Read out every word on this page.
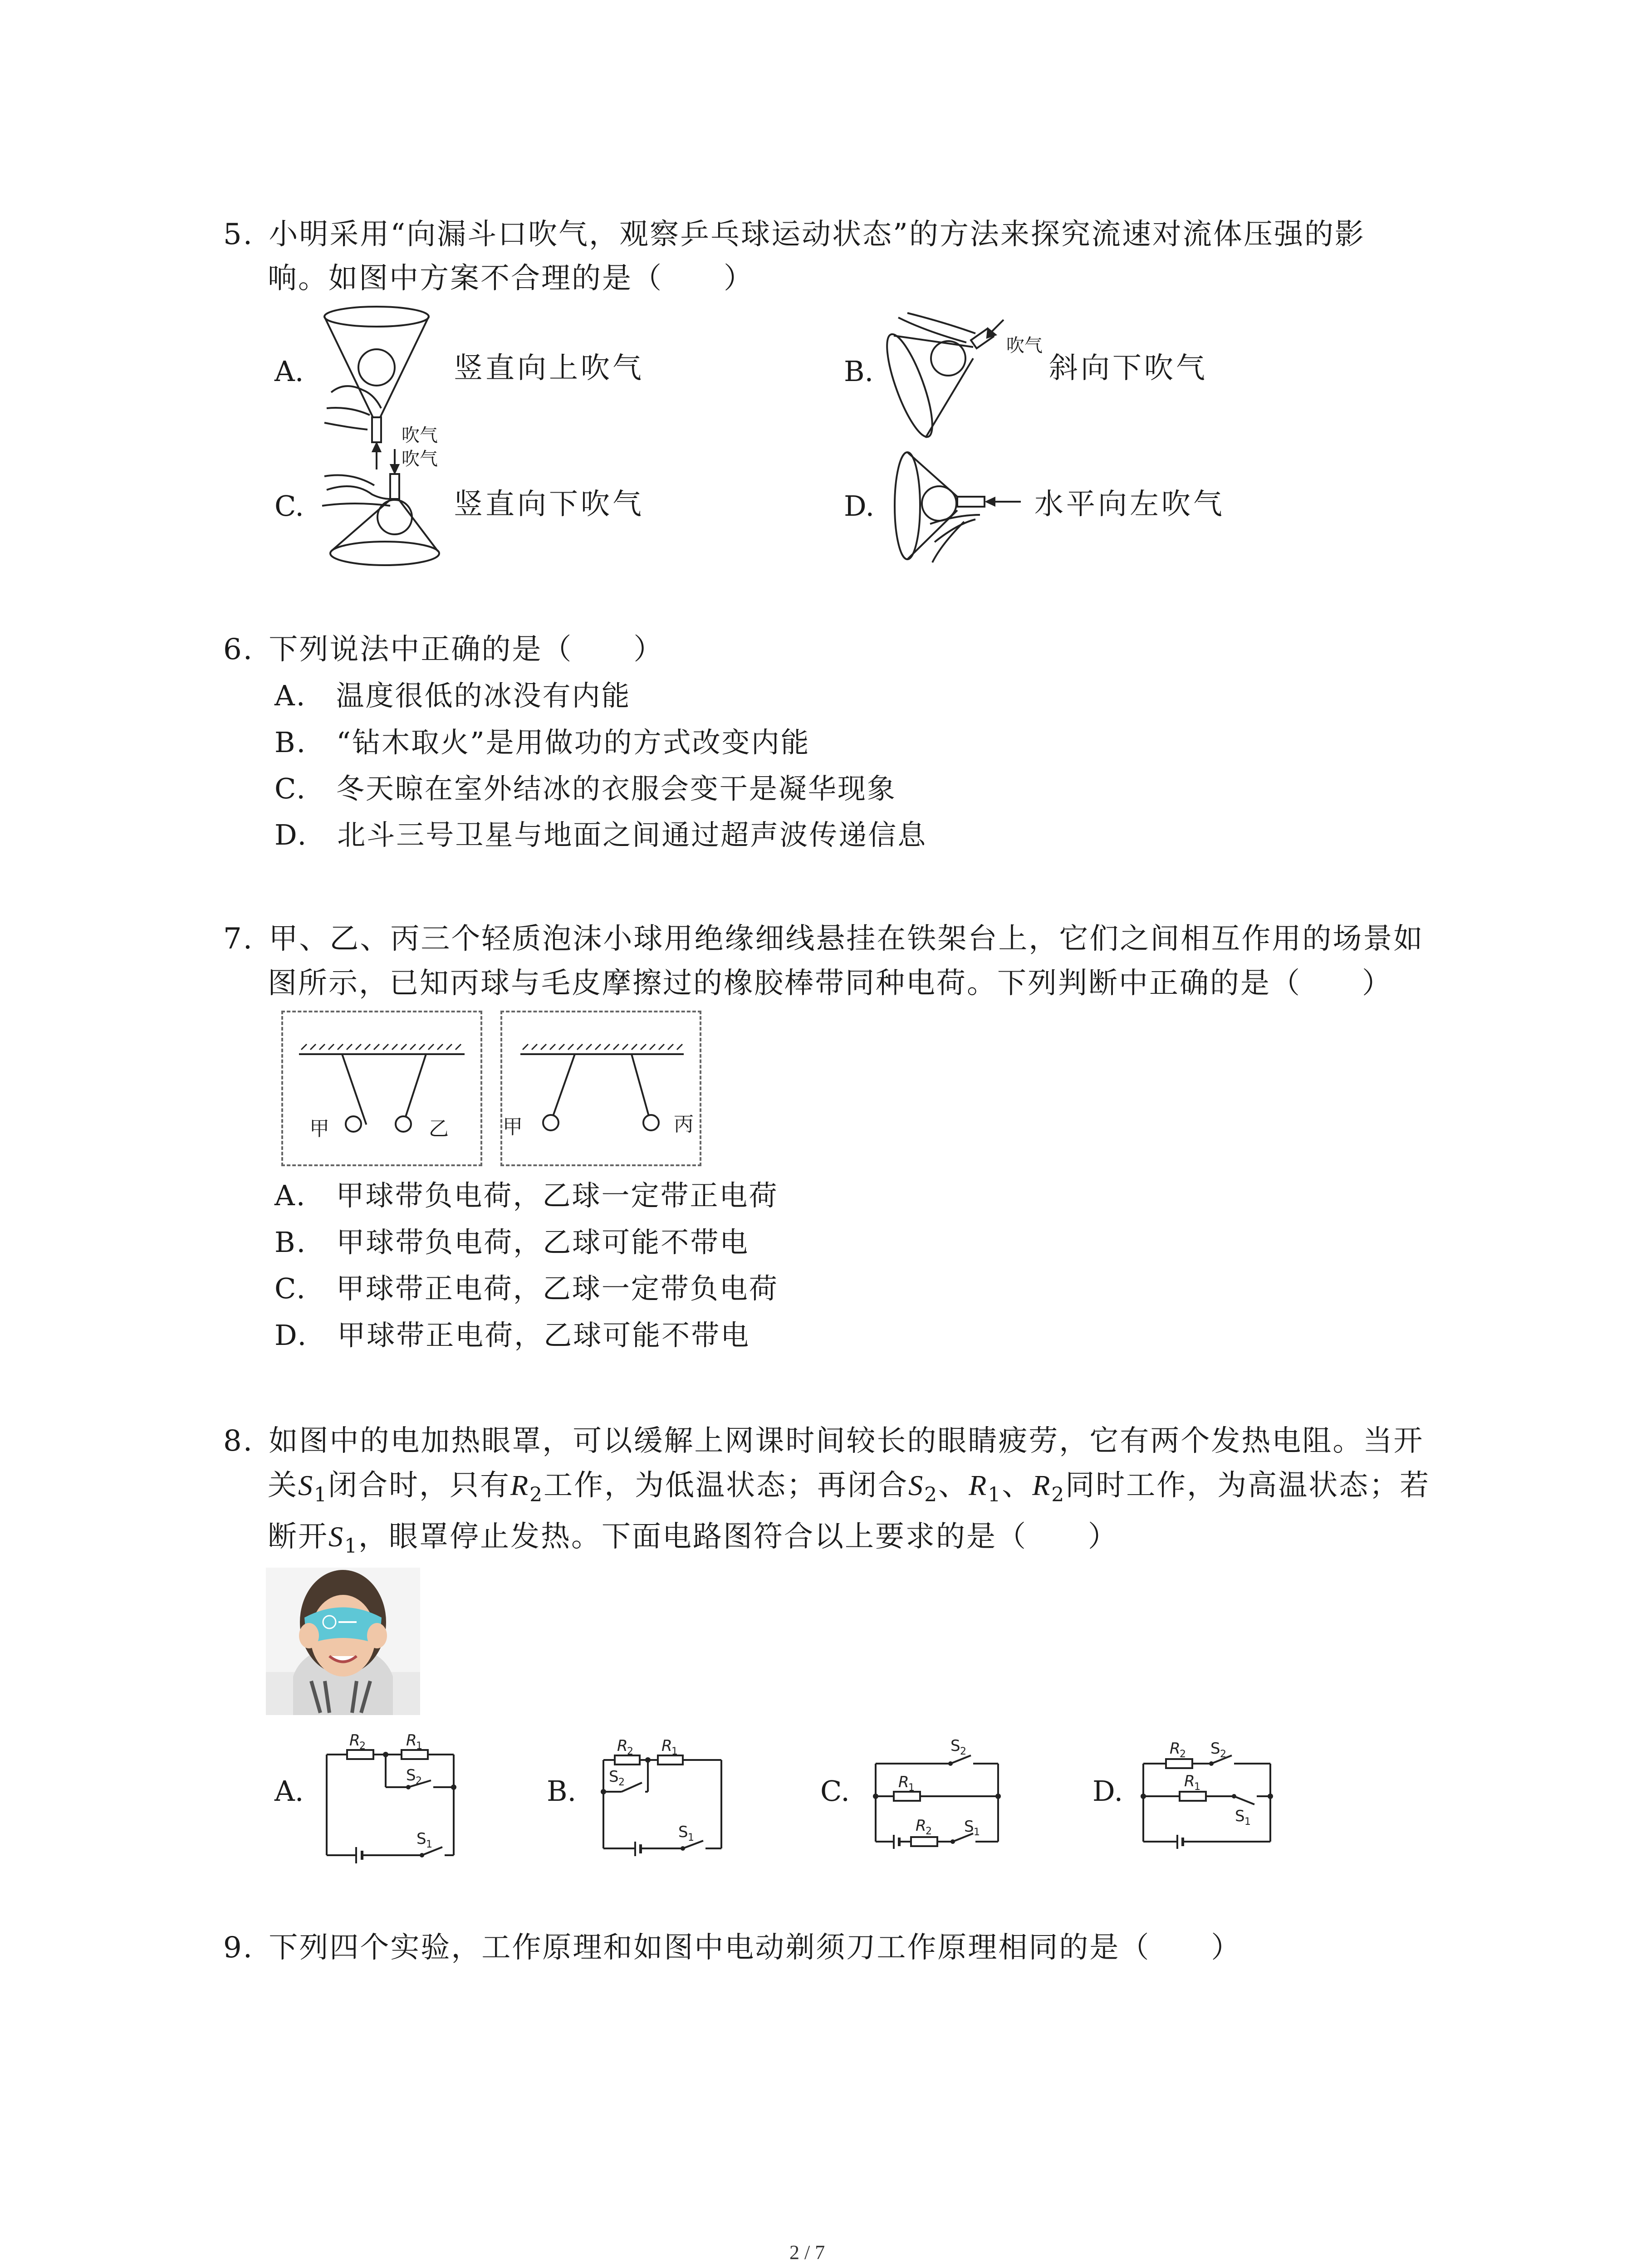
5. 小明采用“向漏斗口吹气，观察乒乓球运动状态”的方法来探究流速对流体压强的影
响。如图中方案不合理的是（　　）
A.	竖直向上吹气
吹气
吹气
B.
吹气
斜向下吹气
C.	竖直向下吹气	D.	水平向左吹气
6. 下列说法中正确的是（　　）
A.　温度很低的冰没有内能
B.　“钻木取火”是用做功的方式改变内能
C.　冬天晾在室外结冰的衣服会变干是凝华现象
D.　北斗三号卫星与地面之间通过超声波传递信息
7. 甲、乙、丙三个轻质泡沫小球用绝缘细线悬挂在铁架台上，它们之间相互作用的场景如
图所示，已知丙球与毛皮摩擦过的橡胶棒带同种电荷。下列判断中正确的是（　　）
甲	乙	甲	丙
A.　甲球带负电荷，乙球一定带正电荷
B.　甲球带负电荷，乙球可能不带电
C.　甲球带正电荷，乙球一定带负电荷
D.　甲球带正电荷，乙球可能不带电
8. 如图中的电加热眼罩，可以缓解上网课时间较长的眼睛疲劳，它有两个发热电阻。当开
关$S_1$闭合时，只有$R_2$工作，为低温状态；再闭合$S_2$、$R_1$、$R_2$同时工作，为高温状态；若
断开$S_1$，眼罩停止发热。下面电路图符合以上要求的是（　　）
A.	B.	C.	D.
R
2	R
1
S 2
S 1
R
2 R
1
S 2
S 1
S 2
R
1
R
2 S 1
R
2 S 2
R
1
S 1
9. 下列四个实验，工作原理和如图中电动剃须刀工作原理相同的是（　　）
2 / 7
